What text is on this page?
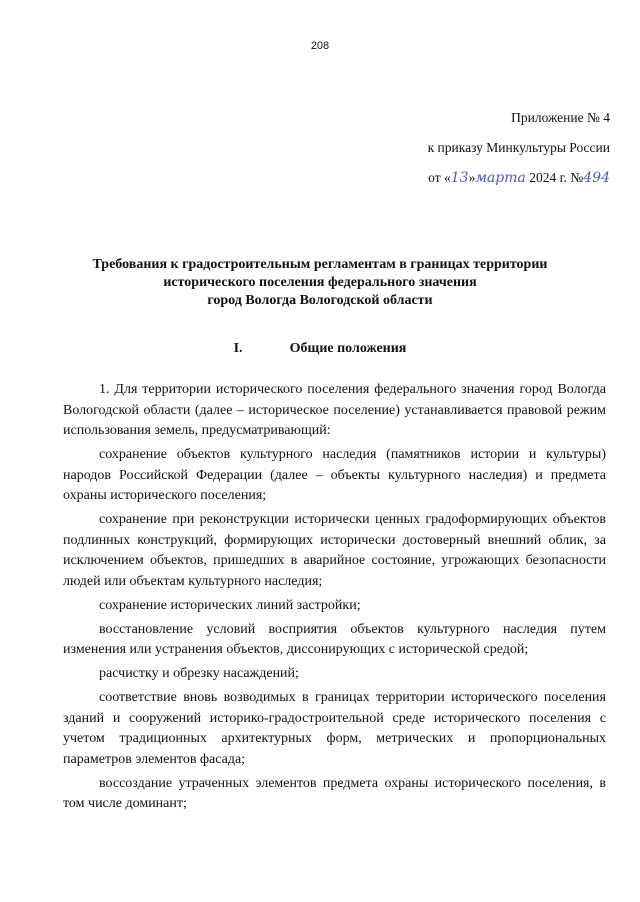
208
Приложение № 4
к приказу Минкультуры России
от «13»марта 2024 г. №494
Требования к градостроительным регламентам в границах территории
исторического поселения федерального значения
город Вологда Вологодской области
I.	Общие положения

1. Для территории исторического поселения федерального значения город Вологда Вологодской области (далее – историческое поселение) устанавливается правовой режим использования земель, предусматривающий:

сохранение объектов культурного наследия (памятников истории и культуры) народов Российской Федерации (далее – объекты культурного наследия) и предмета охраны исторического поселения;

сохранение при реконструкции исторически ценных градоформирующих объектов подлинных конструкций, формирующих исторически достоверный внешний облик, за исключением объектов, пришедших в аварийное состояние, угрожающих безопасности людей или объектам культурного наследия;

сохранение исторических линий застройки;

восстановление условий восприятия объектов культурного наследия путем изменения или устранения объектов, диссонирующих с исторической средой;

расчистку и обрезку насаждений;

соответствие вновь возводимых в границах территории исторического поселения зданий и сооружений историко-градостроительной среде исторического поселения с учетом традиционных архитектурных форм, метрических и пропорциональных параметров элементов фасада;

воссоздание утраченных элементов предмета охраны исторического поселения, в том числе доминант;
